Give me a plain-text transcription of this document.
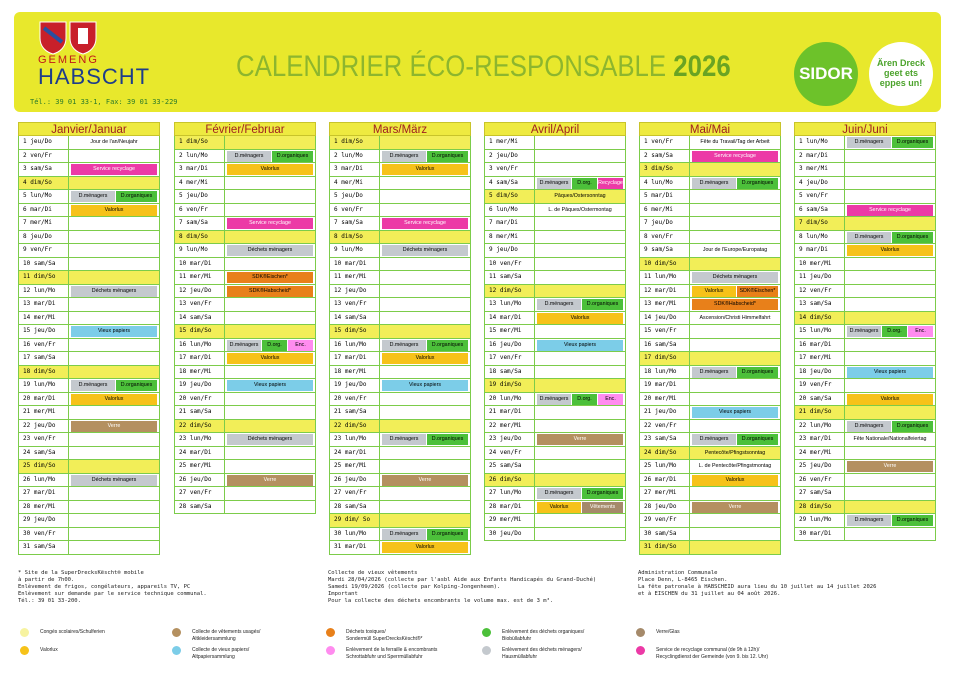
GEMENG
HABSCHT
Tél.: 39 01 33-1, Fax: 39 01 33-229
CALENDRIER ÉCO-RESPONSABLE 2026	SIDOR
Ären Dreck geet ets eppes un!
Janvier/Januar
1 jeu/Do	Jour de l'an/Neujahr
2 ven/Fr
3 sam/Sa	Service recyclage
4 dim/So
5 lun/Mo	D.ménagers	D.organiques
6 mar/Di	Valorlux
7 mer/Mi
8 jeu/Do
9 ven/Fr
10 sam/Sa
11 dim/So
12 lun/Mo	Déchets ménagers
13 mar/Di
14 mer/Mi
15 jeu/Do	Vieux papiers
16 ven/Fr
17 sam/Sa
18 dim/So
19 lun/Mo	D.ménagers	D.organiques
20 mar/Di	Valorlux
21 mer/Mi
22 jeu/Do	Verre
23 ven/Fr
24 sam/Sa
25 dim/So
26 lun/Mo	Déchets ménagers
27 mar/Di
28 mer/Mi
29 jeu/Do
30 ven/Fr
31 sam/Sa
Février/Februar
1 dim/So
2 lun/Mo	D.ménagers	D.organiques
3 mar/Di	Valorlux
4 mer/Mi
5 jeu/Do
6 ven/Fr
7 sam/Sa	Service recyclage
8 dim/So
9 lun/Mo	Déchets ménagers
10 mar/Di
11 mer/Mi	SDK®Eischen*
12 jeu/Do	SDK®Habscheid*
13 ven/Fr
14 sam/Sa
15 dim/So
16 lun/Mo	D.ménagers	D.org.	Enc.
17 mar/Di	Valorlux
18 mer/Mi
19 jeu/Do	Vieux papiers
20 ven/Fr
21 sam/Sa
22 dim/So
23 lun/Mo	Déchets ménagers
24 mar/Di
25 mer/Mi
26 jeu/Do	Verre
27 ven/Fr
28 sam/Sa
Mars/März
1 dim/So
2 lun/Mo	D.ménagers	D.organiques
3 mar/Di	Valorlux
4 mer/Mi
5 jeu/Do
6 ven/Fr
7 sam/Sa	Service recyclage
8 dim/So
9 lun/Mo	Déchets ménagers
10 mar/Di
11 mer/Mi
12 jeu/Do
13 ven/Fr
14 sam/Sa
15 dim/So
16 lun/Mo	D.ménagers	D.organiques
17 mar/Di	Valorlux
18 mer/Mi
19 jeu/Do	Vieux papiers
20 ven/Fr
21 sam/Sa
22 dim/So
23 lun/Mo	D.ménagers	D.organiques
24 mar/Di
25 mer/Mi
26 jeu/Do	Verre
27 ven/Fr
28 sam/Sa
29 dim/ So
30 lun/Mo	D.ménagers	D.organiques
31 mar/Di	Valorlux
Avril/April
1 mer/Mi
2 jeu/Do
3 ven/Fr
4 sam/Sa	D.ménagers	D.org.	Recyclage
5 dim/So	Pâques/Ostersonntag
6 lun/Mo	L. de Pâques/Ostermontag
7 mar/Di
8 mer/Mi
9 jeu/Do
10 ven/Fr
11 sam/Sa
12 dim/So
13 lun/Mo	D.ménagers	D.organiques
14 mar/Di	Valorlux
15 mer/Mi
16 jeu/Do	Vieux papiers
17 ven/Fr
18 sam/Sa
19 dim/So
20 lun/Mo	D.ménagers	D.org.	Enc.
21 mar/Di
22 mer/Mi
23 jeu/Do	Verre
24 ven/Fr
25 sam/Sa
26 dim/So
27 lun/Mo	D.ménagers	D.organiques
28 mar/Di	Valorlux	Vêtements
29 mer/Mi
30 jeu/Do
Mai/Mai
1 ven/Fr	Fête du Travail/Tag der Arbeit
2 sam/Sa	Service recyclage
3 dim/So
4 lun/Mo	D.ménagers	D.organiques
5 mar/Di
6 mer/Mi
7 jeu/Do
8 ven/Fr
9 sam/Sa	Jour de l'Europe/Europatag
10 dim/So
11 lun/Mo	Déchets ménagers
12 mar/Di	Valorlux	SDK®Eischen*
13 mer/Mi	SDK®Habscheid*
14 jeu/Do	Ascension/Christi Himmelfahrt
15 ven/Fr
16 sam/Sa
17 dim/So
18 lun/Mo	D.ménagers	D.organiques
19 mar/Di
20 mer/Mi
21 jeu/Do	Vieux papiers
22 ven/Fr
23 sam/Sa	D.ménagers	D.organiques
24 dim/So	Pentecôte/Pfingstsonntag
25 lun/Mo	L. de Pentecôte/Pfingstmontag
26 mar/Di	Valorlux
27 mer/Mi
28 jeu/Do	Verre
29 ven/Fr
30 sam/Sa
31 dim/So
Juin/Juni
1 lun/Mo	D.ménagers	D.organiques
2 mar/Di
3 mer/Mi
4 jeu/Do
5 ven/Fr
6 sam/Sa	Service recyclage
7 dim/So
8 lun/Mo	D.ménagers	D.organiques
9 mar/Di	Valorlux
10 mer/Mi
11 jeu/Do
12 ven/Fr
13 sam/Sa
14 dim/So
15 lun/Mo	D.ménagers	D.org.	Enc.
16 mar/Di
17 mer/Mi
18 jeu/Do	Vieux papiers
19 ven/Fr
20 sam/Sa	Valorlux
21 dim/So
22 lun/Mo	D.ménagers	D.organiques
23 mar/Di	Fête Nationale/Nationalfeiertag
24 mer/Mi
25 jeu/Do	Verre
26 ven/Fr
27 sam/Sa
28 dim/So
29 lun/Mo	D.ménagers	D.organiques
30 mar/Di
* Site de la SuperDrecksKëscht® mobile
à partir de 7h00.
Enlèvement de frigos, congélateurs, appareils TV, PC
Enlèvement sur demande par le service technique communal.
Tél.: 39 01 33-200.
Collecte de vieux vêtements
Mardi 28/04/2026 (collecte par l'asbl Aide aux Enfants Handicapés du Grand-Duché)
Samedi 19/09/2026 (collecte par Kolping-Jongenheem).
Important
Pour la collecte des déchets encombrants le volume max. est de 3 m³.
Administration Communale
Place Denn, L-8465 Eischen.
La fête patronale à HABSCHEID aura lieu du 10 juillet au 14 juillet 2026
et à EISCHEN du 31 juillet au 04 août 2026.
Congés scolaires/Schulferien
Valorlux
Collecte de vêtements usagés/
Altkleidersammlung
Collecte de vieux papiers/
Altpapiersammlung
Déchets toxiques/
Sondermüll SuperDrecksKëscht®*
Enlèvement de la ferraille & encombrants
Schrottabfuhr und Sperrmüllabfuhr
Enlèvement des déchets organiques/
Biobüllabfuhr
Enlèvement des déchets ménagers/
Hausmüllabfuhr
Verre/Glas
Service de recyclage communal (de 9h à 12h)/
Recyclingdienst der Gemeinde (von 9. bis 12. Uhr)
